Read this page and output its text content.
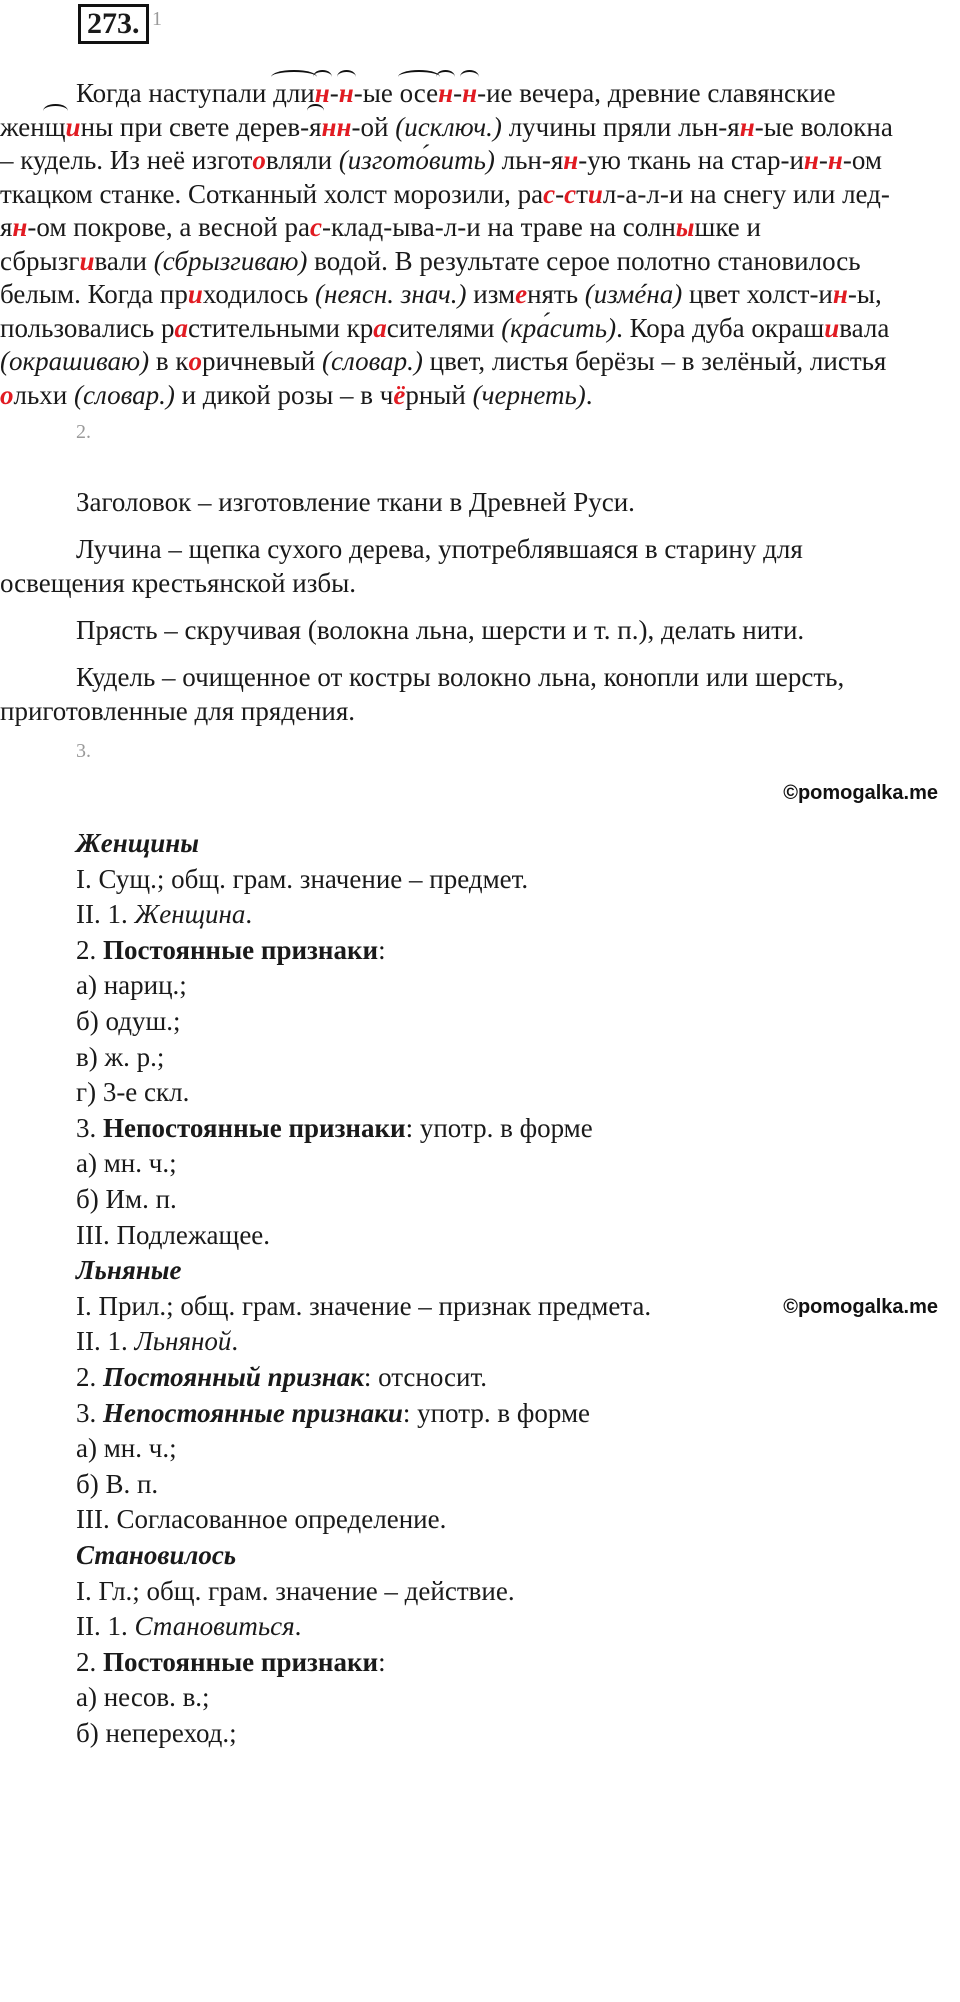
273. 1
Когда наступали длин-н-ые осен-н-ие вечера, древние славянские
женщины при свете дерев-янн-ой (исключ.) лучины пряли льн-ян-ые волокна
– кудель. Из неё изготовляли (изгото́вить) льн-ян-ую ткань на стар-ин-н-ом
ткацком станке. Сотканный холст морозили, рас-стил-а-л-и на снегу или лед-
ян-ом покрове, а весной рас-клад-ыва-л-и на траве на солнышке и
сбрызгивали (сбрызгиваю) водой. В результате серое полотно становилось
белым. Когда приходилось (неясн. знач.) изменять (измéна) цвет холст-ин-ы,
пользовались растительными красителями (кра́сить). Кора дуба окрашивала
(окрашиваю) в коричневый (словар.) цвет, листья берёзы – в зелёный, листья
ольхи (словар.) и дикой розы – в чёрный (чернеть).
2.
Заголовок – изготовление ткани в Древней Руси.
Лучина – щепка сухого дерева, употреблявшаяся в старину для
освещения крестьянской избы.
Прясть – скручивая (волокна льна, шерсти и т. п.), делать нити.
Кудель – очищенное от костры волокно льна, конопли или шерсть,
приготовленные для прядения.
3.
©pomogalka.me
Женщины
I. Сущ.; общ. грам. значение – предмет.
II. 1. Женщина.
2. Постоянные признаки:
а) нариц.;
б) одуш.;
в) ж. р.;
г) 3-е скл.
3. Непостоянные признаки: употр. в форме
а) мн. ч.;
б) Им. п.
III. Подлежащее.
Льняные
I. Прил.; общ. грам. значение – признак предмета.
II. 1. Льняной.
2. Постоянный признак: отсносит.
3. Непостоянные признаки: употр. в форме
а) мн. ч.;
б) В. п.
III. Согласованное определение.
Становилось
I. Гл.; общ. грам. значение – действие.
II. 1. Становиться.
2. Постоянные признаки:
а) несов. в.;
б) непереход.;
©pomogalka.me
